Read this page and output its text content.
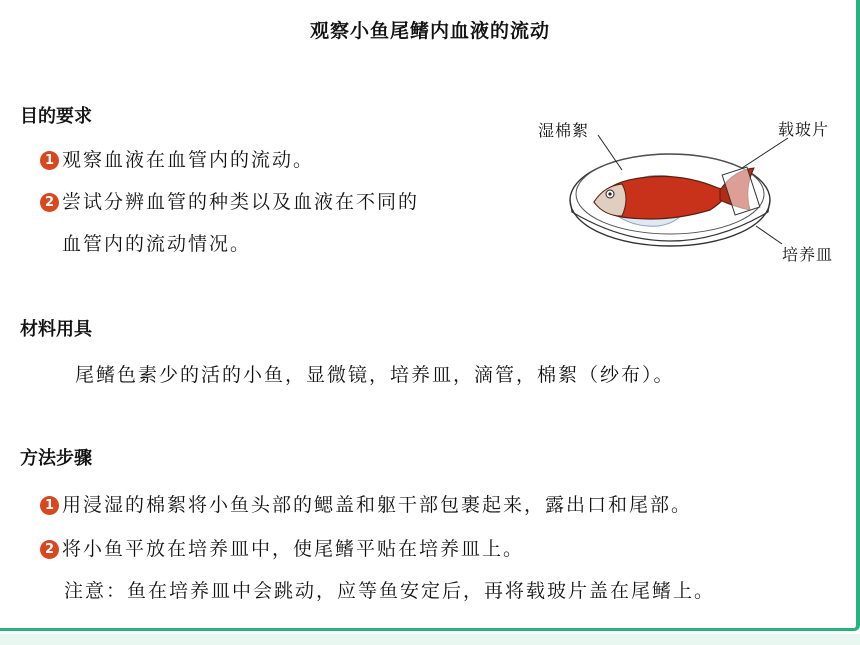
观察小鱼尾鳍内血液的流动
目的要求
1 观察血液在血管内的流动。
2 尝试分辨血管的种类以及血液在不同的
血管内的流动情况。
湿棉絮	载玻片
培养皿
材料用具
尾鳍色素少的活的小鱼，显微镜，培养皿，滴管，棉絮（纱布）。
方法步骤
1 用浸湿的棉絮将小鱼头部的鳃盖和躯干部包裹起来，露出口和尾部。
2 将小鱼平放在培养皿中，使尾鳍平贴在培养皿上。
注意：鱼在培养皿中会跳动，应等鱼安定后，再将载玻片盖在尾鳍上。
